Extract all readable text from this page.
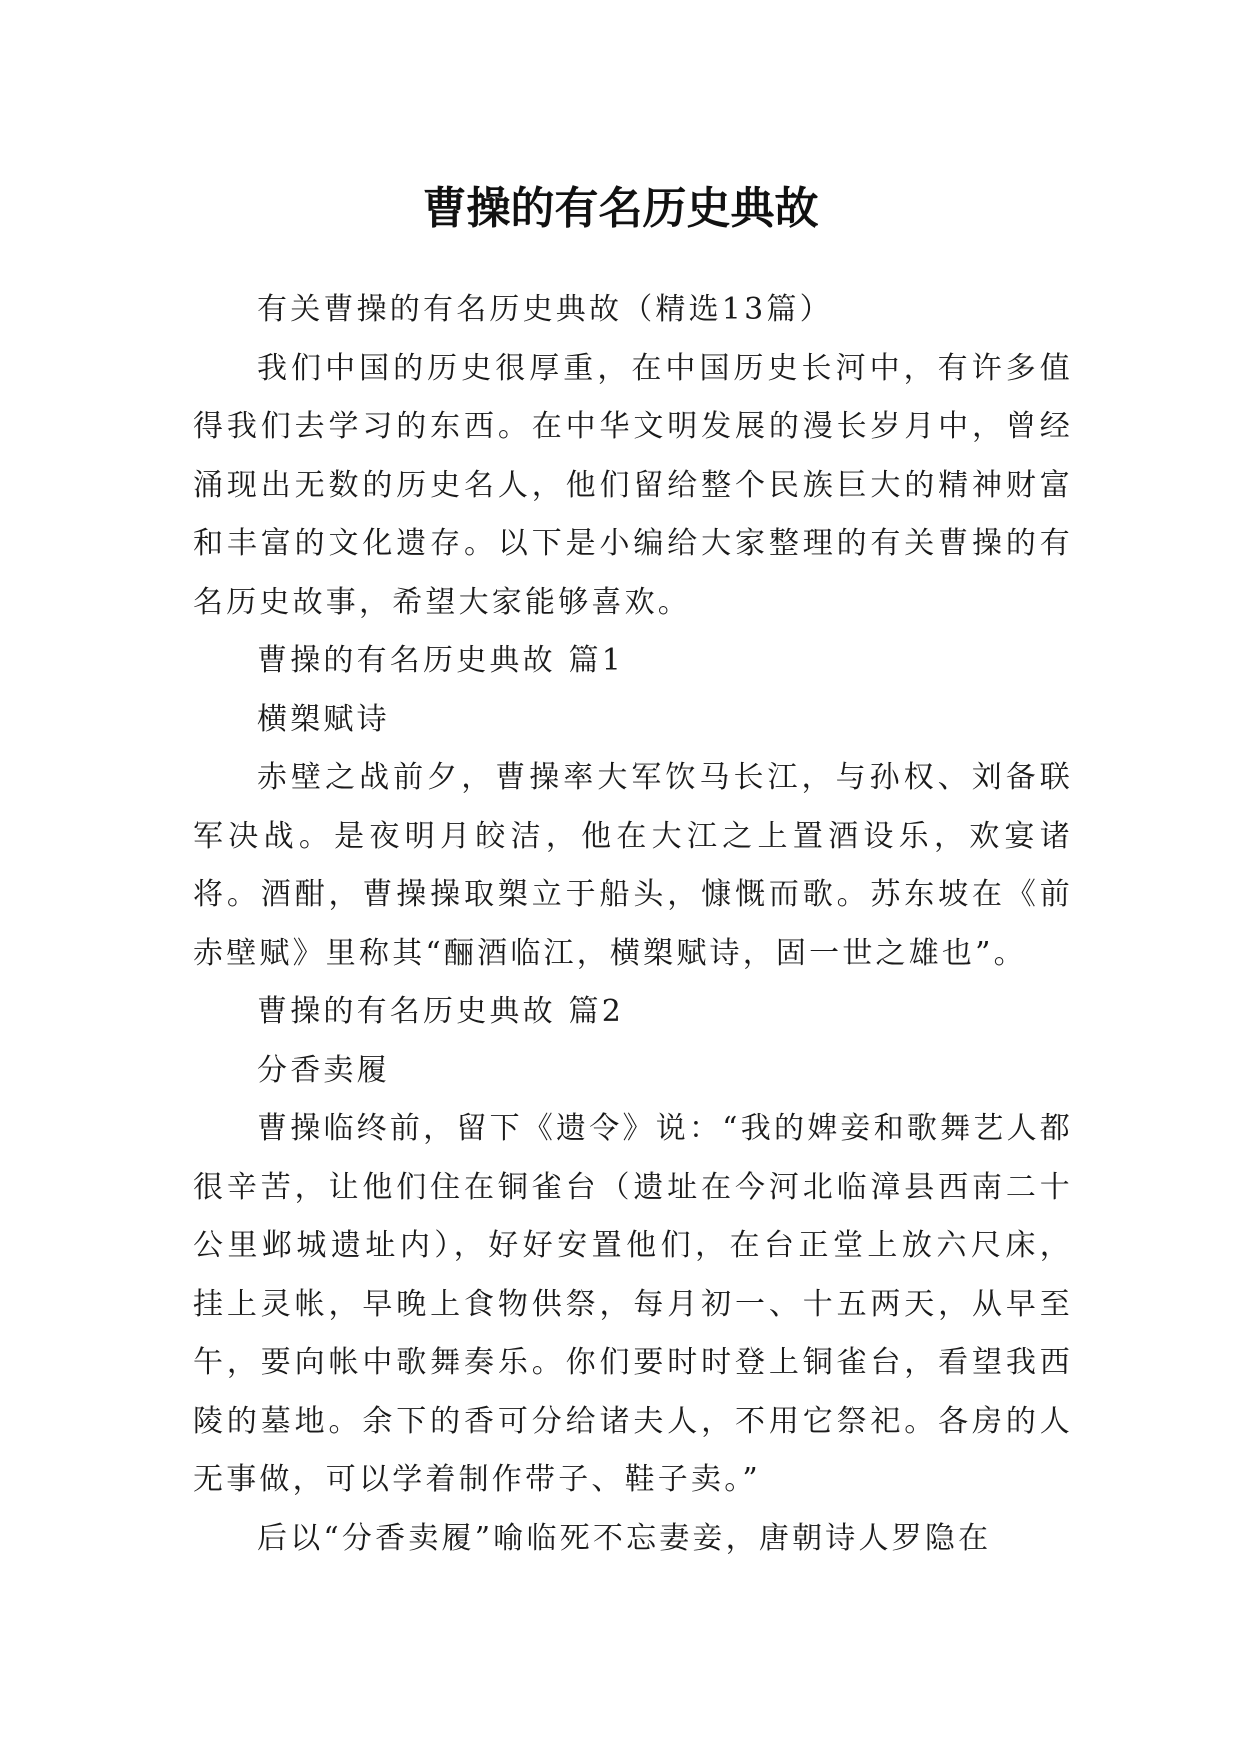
曹操的有名历史典故

有关曹操的有名历史典故（精选13篇）

我们中国的历史很厚重，在中国历史长河中，有许多值得我们去学习的东西。在中华文明发展的漫长岁月中，曾经涌现出无数的历史名人，他们留给整个民族巨大的精神财富和丰富的文化遗存。以下是小编给大家整理的有关曹操的有名历史故事，希望大家能够喜欢。

曹操的有名历史典故 篇1

横槊赋诗

赤壁之战前夕，曹操率大军饮马长江，与孙权、刘备联军决战。是夜明月皎洁，他在大江之上置酒设乐，欢宴诸将。酒酣，曹操操取槊立于船头，慷慨而歌。苏东坡在《前赤壁赋》里称其“酾酒临江，横槊赋诗，固一世之雄也”。

曹操的有名历史典故 篇2

分香卖履

曹操临终前，留下《遗令》说：“我的婢妾和歌舞艺人都很辛苦，让他们住在铜雀台（遗址在今河北临漳县西南二十公里邺城遗址内），好好安置他们，在台正堂上放六尺床，挂上灵帐，早晚上食物供祭，每月初一、十五两天，从早至午，要向帐中歌舞奏乐。你们要时时登上铜雀台，看望我西陵的墓地。余下的香可分给诸夫人，不用它祭祀。各房的人无事做，可以学着制作带子、鞋子卖。”

后以“分香卖履”喻临死不忘妻妾，唐朝诗人罗隐在
